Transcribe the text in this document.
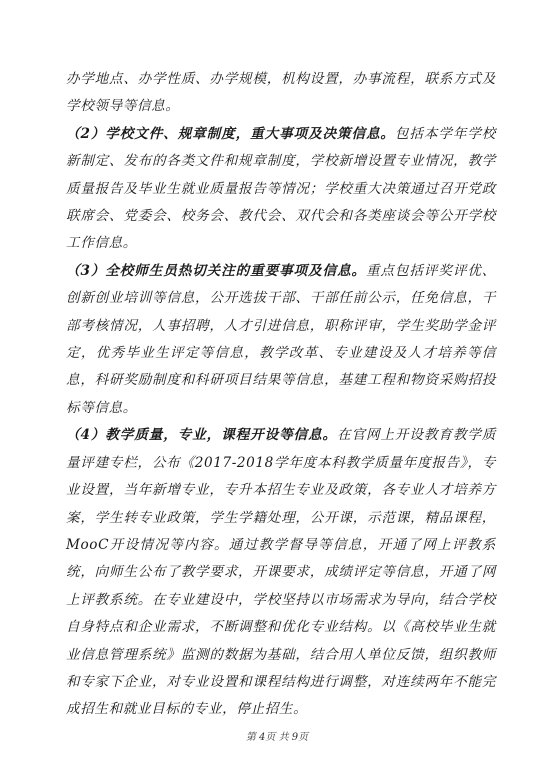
办学地点、办学性质、办学规模，机构设置，办事流程，联系方式及学校领导等信息。

（2）学校文件、规章制度，重大事项及决策信息。包括本学年学校新制定、发布的各类文件和规章制度，学校新增设置专业情况，教学质量报告及毕业生就业质量报告等情况；学校重大决策通过召开党政联席会、党委会、校务会、教代会、双代会和各类座谈会等公开学校工作信息。

（3）全校师生员热切关注的重要事项及信息。重点包括评奖评优、创新创业培训等信息，公开选拔干部、干部任前公示，任免信息，干部考核情况，人事招聘，人才引进信息，职称评审，学生奖助学金评定，优秀毕业生评定等信息，教学改革、专业建设及人才培养等信息，科研奖励制度和科研项目结果等信息，基建工程和物资采购招投标等信息。

（4）教学质量，专业，课程开设等信息。在官网上开设教育教学质量评建专栏，公布《2017-2018学年度本科教学质量年度报告》，专业设置，当年新增专业，专升本招生专业及政策，各专业人才培养方案，学生转专业政策，学生学籍处理，公开课，示范课，精品课程，MooC开设情况等内容。通过教学督导等信息，开通了网上评教系统，向师生公布了教学要求，开课要求，成绩评定等信息，开通了网上评教系统。在专业建设中，学校坚持以市场需求为导向，结合学校自身特点和企业需求，不断调整和优化专业结构。以《高校毕业生就业信息管理系统》监测的数据为基础，结合用人单位反馈，组织教师和专家下企业，对专业设置和课程结构进行调整，对连续两年不能完成招生和就业目标的专业，停止招生。

第 4页 共 9页
